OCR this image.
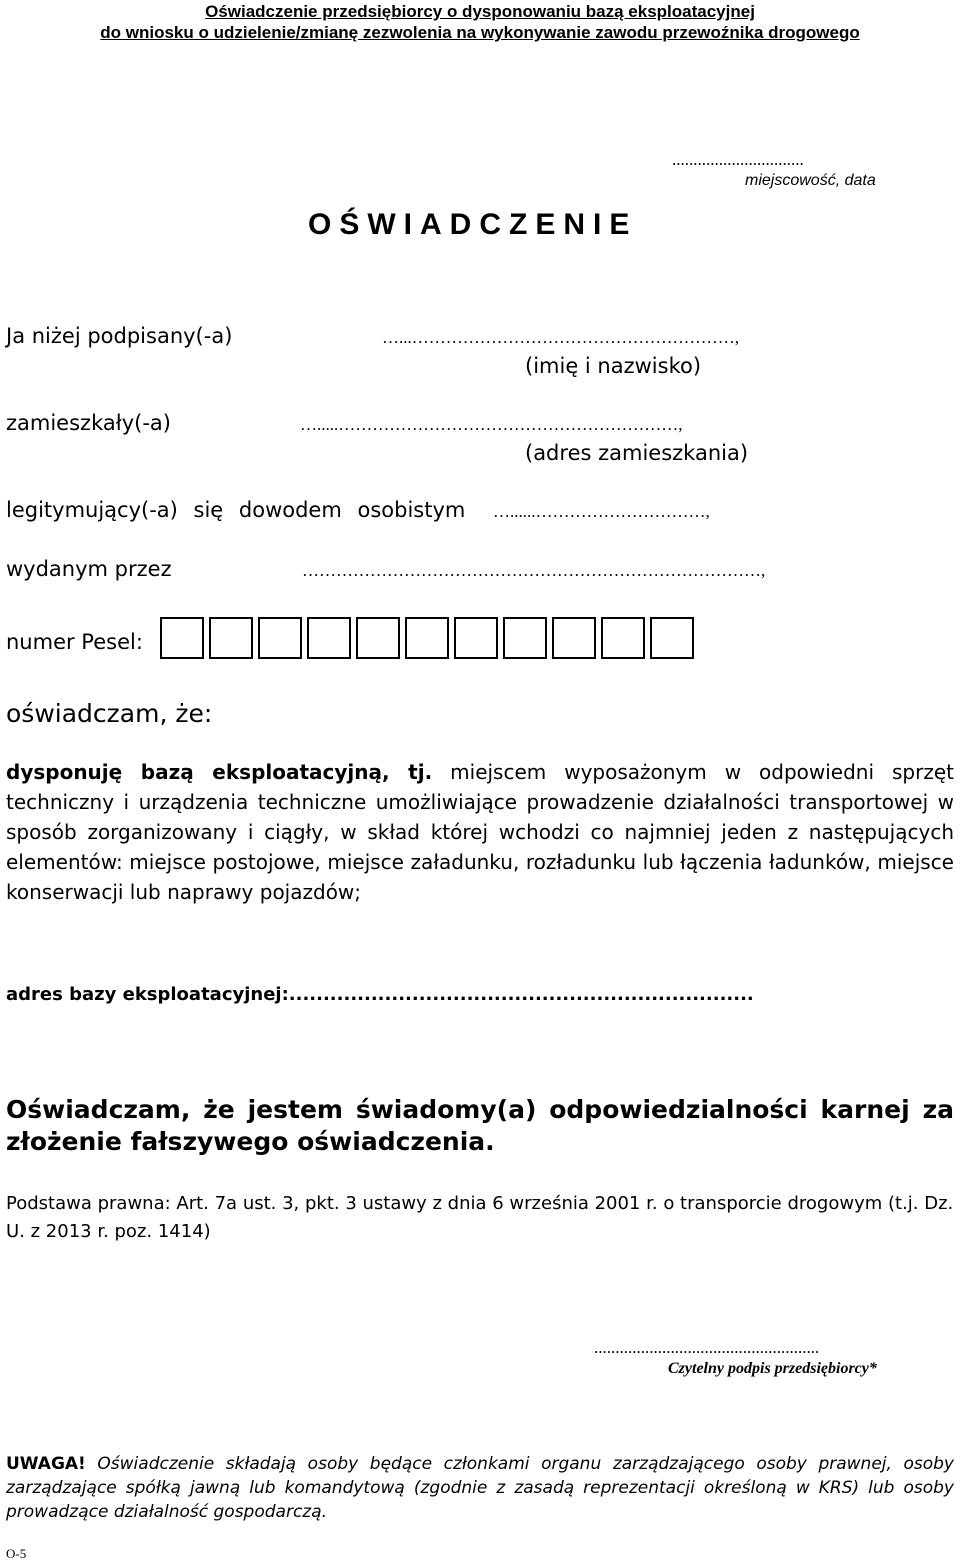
Oświadczenie przedsiębiorcy o dysponowaniu bazą eksploatacyjnej
do wniosku o udzielenie/zmianę zezwolenia na wykonywanie zawodu przewoźnika drogowego
...............................
miejscowość, data
OŚWIADCZENIE
Ja niżej podpisany(-a)	…...…………………………………………………,
(imię i nazwisko)
zamieszkały(-a)	….....……………………………………………………,
(adres zamieszkania)
legitymujący(-a) się dowodem osobistym …......…………………………,
wydanym przez	………………………………………………………………………,
numer Pesel:
oświadczam, że:
dysponuję bazą eksploatacyjną, tj. miejscem wyposażonym w odpowiedni sprzęt techniczny i urządzenia techniczne umożliwiające prowadzenie działalności transportowej w sposób zorganizowany i ciągły, w skład której wchodzi co najmniej jeden z następujących elementów: miejsce postojowe, miejsce załadunku, rozładunku lub łączenia ładunków, miejsce konserwacji lub naprawy pojazdów;
adres bazy eksploatacyjnej:....................................................................
Oświadczam, że jestem świadomy(a) odpowiedzialności karnej za złożenie fałszywego oświadczenia.
Podstawa prawna: Art. 7a ust. 3, pkt. 3 ustawy z dnia 6 września 2001 r. o transporcie drogowym (t.j. Dz. U. z 2013 r. poz. 1414)
.....................................................
Czytelny podpis przedsiębiorcy*
UWAGA! Oświadczenie składają osoby będące członkami organu zarządzającego osoby prawnej, osoby zarządzające spółką jawną lub komandytową (zgodnie z zasadą reprezentacji określoną w KRS) lub osoby prowadzące działalność gospodarczą.
O-5
